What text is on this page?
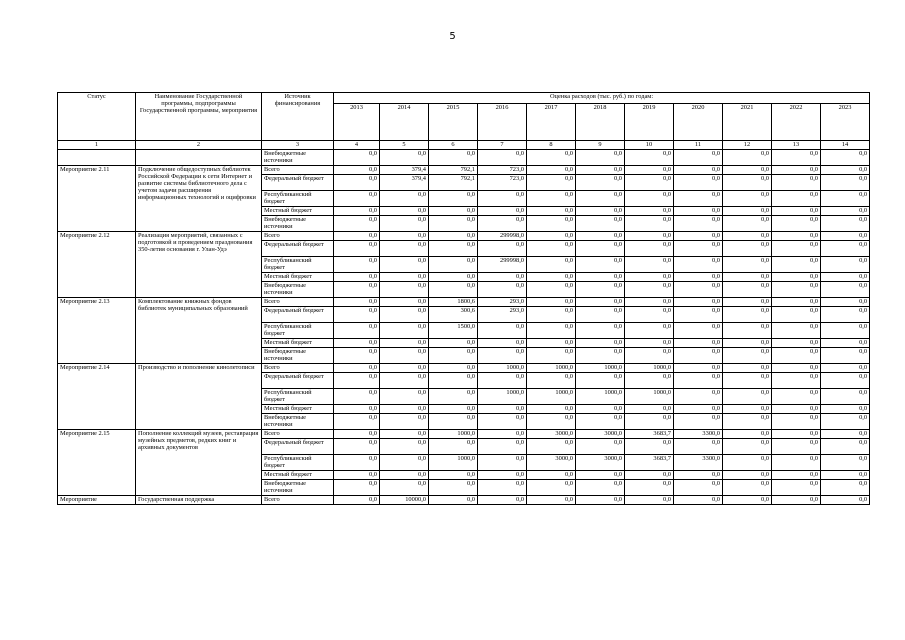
5
Статус	Наименование Государственной программы, подпрограммы Государственной программы, мероприятия	Источник финансирования	Оценка расходов (тыс. руб.) по годам:										
			2013	2014	2015	2016	2017	2018	2019	2020	2021	2022	2023
1	2	3	4	5	6	7	8	9	10	11	12	13	14
		Внебюджетные источники	0,0	0,0	0,0	0,0	0,0	0,0	0,0	0,0	0,0	0,0	0,0
Мероприятие 2.11	Подключение общедоступных библиотек Российской Федерации к сети Интернет и развитие системы библиотечного дела с учетом задачи расширения информационных технологий и оцифровки	Всего	0,0	379,4	792,1	723,0	0,0	0,0	0,0	0,0	0,0	0,0	0,0
		Федеральный бюджет	0,0	379,4	792,1	723,0	0,0	0,0	0,0	0,0	0,0	0,0	0,0
		Республиканский бюджет	0,0	0,0	0,0	0,0	0,0	0,0	0,0	0,0	0,0	0,0	0,0
		Местный бюджет	0,0	0,0	0,0	0,0	0,0	0,0	0,0	0,0	0,0	0,0	0,0
		Внебюджетные источники	0,0	0,0	0,0	0,0	0,0	0,0	0,0	0,0	0,0	0,0	0,0
Мероприятие 2.12	Реализация мероприятий, связанных с подготовкой и проведением празднования 350-летия основания г. Улан-Удэ	Всего	0,0	0,0	0,0	299998,0	0,0	0,0	0,0	0,0	0,0	0,0	0,0
		Федеральный бюджет	0,0	0,0	0,0	0,0	0,0	0,0	0,0	0,0	0,0	0,0	0,0
		Республиканский бюджет	0,0	0,0	0,0	299998,0	0,0	0,0	0,0	0,0	0,0	0,0	0,0
		Местный бюджет	0,0	0,0	0,0	0,0	0,0	0,0	0,0	0,0	0,0	0,0	0,0
		Внебюджетные источники	0,0	0,0	0,0	0,0	0,0	0,0	0,0	0,0	0,0	0,0	0,0
Мероприятие 2.13	Комплектование книжных фондов библиотек муниципальных образований	Всего	0,0	0,0	1800,6	293,0	0,0	0,0	0,0	0,0	0,0	0,0	0,0
		Федеральный бюджет	0,0	0,0	300,6	293,0	0,0	0,0	0,0	0,0	0,0	0,0	0,0
		Республиканский бюджет	0,0	0,0	1500,0	0,0	0,0	0,0	0,0	0,0	0,0	0,0	0,0
		Местный бюджет	0,0	0,0	0,0	0,0	0,0	0,0	0,0	0,0	0,0	0,0	0,0
		Внебюджетные источники	0,0	0,0	0,0	0,0	0,0	0,0	0,0	0,0	0,0	0,0	0,0
Мероприятие 2.14	Производство и пополнение кинолетописи	Всего	0,0	0,0	0,0	1000,0	1000,0	1000,0	1000,0	0,0	0,0	0,0	0,0
		Федеральный бюджет	0,0	0,0	0,0	0,0	0,0	0,0	0,0	0,0	0,0	0,0	0,0
		Республиканский бюджет	0,0	0,0	0,0	1000,0	1000,0	1000,0	1000,0	0,0	0,0	0,0	0,0
		Местный бюджет	0,0	0,0	0,0	0,0	0,0	0,0	0,0	0,0	0,0	0,0	0,0
		Внебюджетные источники	0,0	0,0	0,0	0,0	0,0	0,0	0,0	0,0	0,0	0,0	0,0
Мероприятие 2.15	Пополнение коллекций музеев, реставрация музейных предметов, редких книг и архивных документов	Всего	0,0	0,0	1000,0	0,0	3000,0	3000,0	3683,7	3300,0	0,0	0,0	0,0
		Федеральный бюджет	0,0	0,0	0,0	0,0	0,0	0,0	0,0	0,0	0,0	0,0	0,0
		Республиканский бюджет	0,0	0,0	1000,0	0,0	3000,0	3000,0	3683,7	3300,0	0,0	0,0	0,0
		Местный бюджет	0,0	0,0	0,0	0,0	0,0	0,0	0,0	0,0	0,0	0,0	0,0
		Внебюджетные источники	0,0	0,0	0,0	0,0	0,0	0,0	0,0	0,0	0,0	0,0	0,0
Мероприятие	Государственная поддержка	Всего	0,0	10000,0	0,0	0,0	0,0	0,0	0,0	0,0	0,0	0,0	0,0
